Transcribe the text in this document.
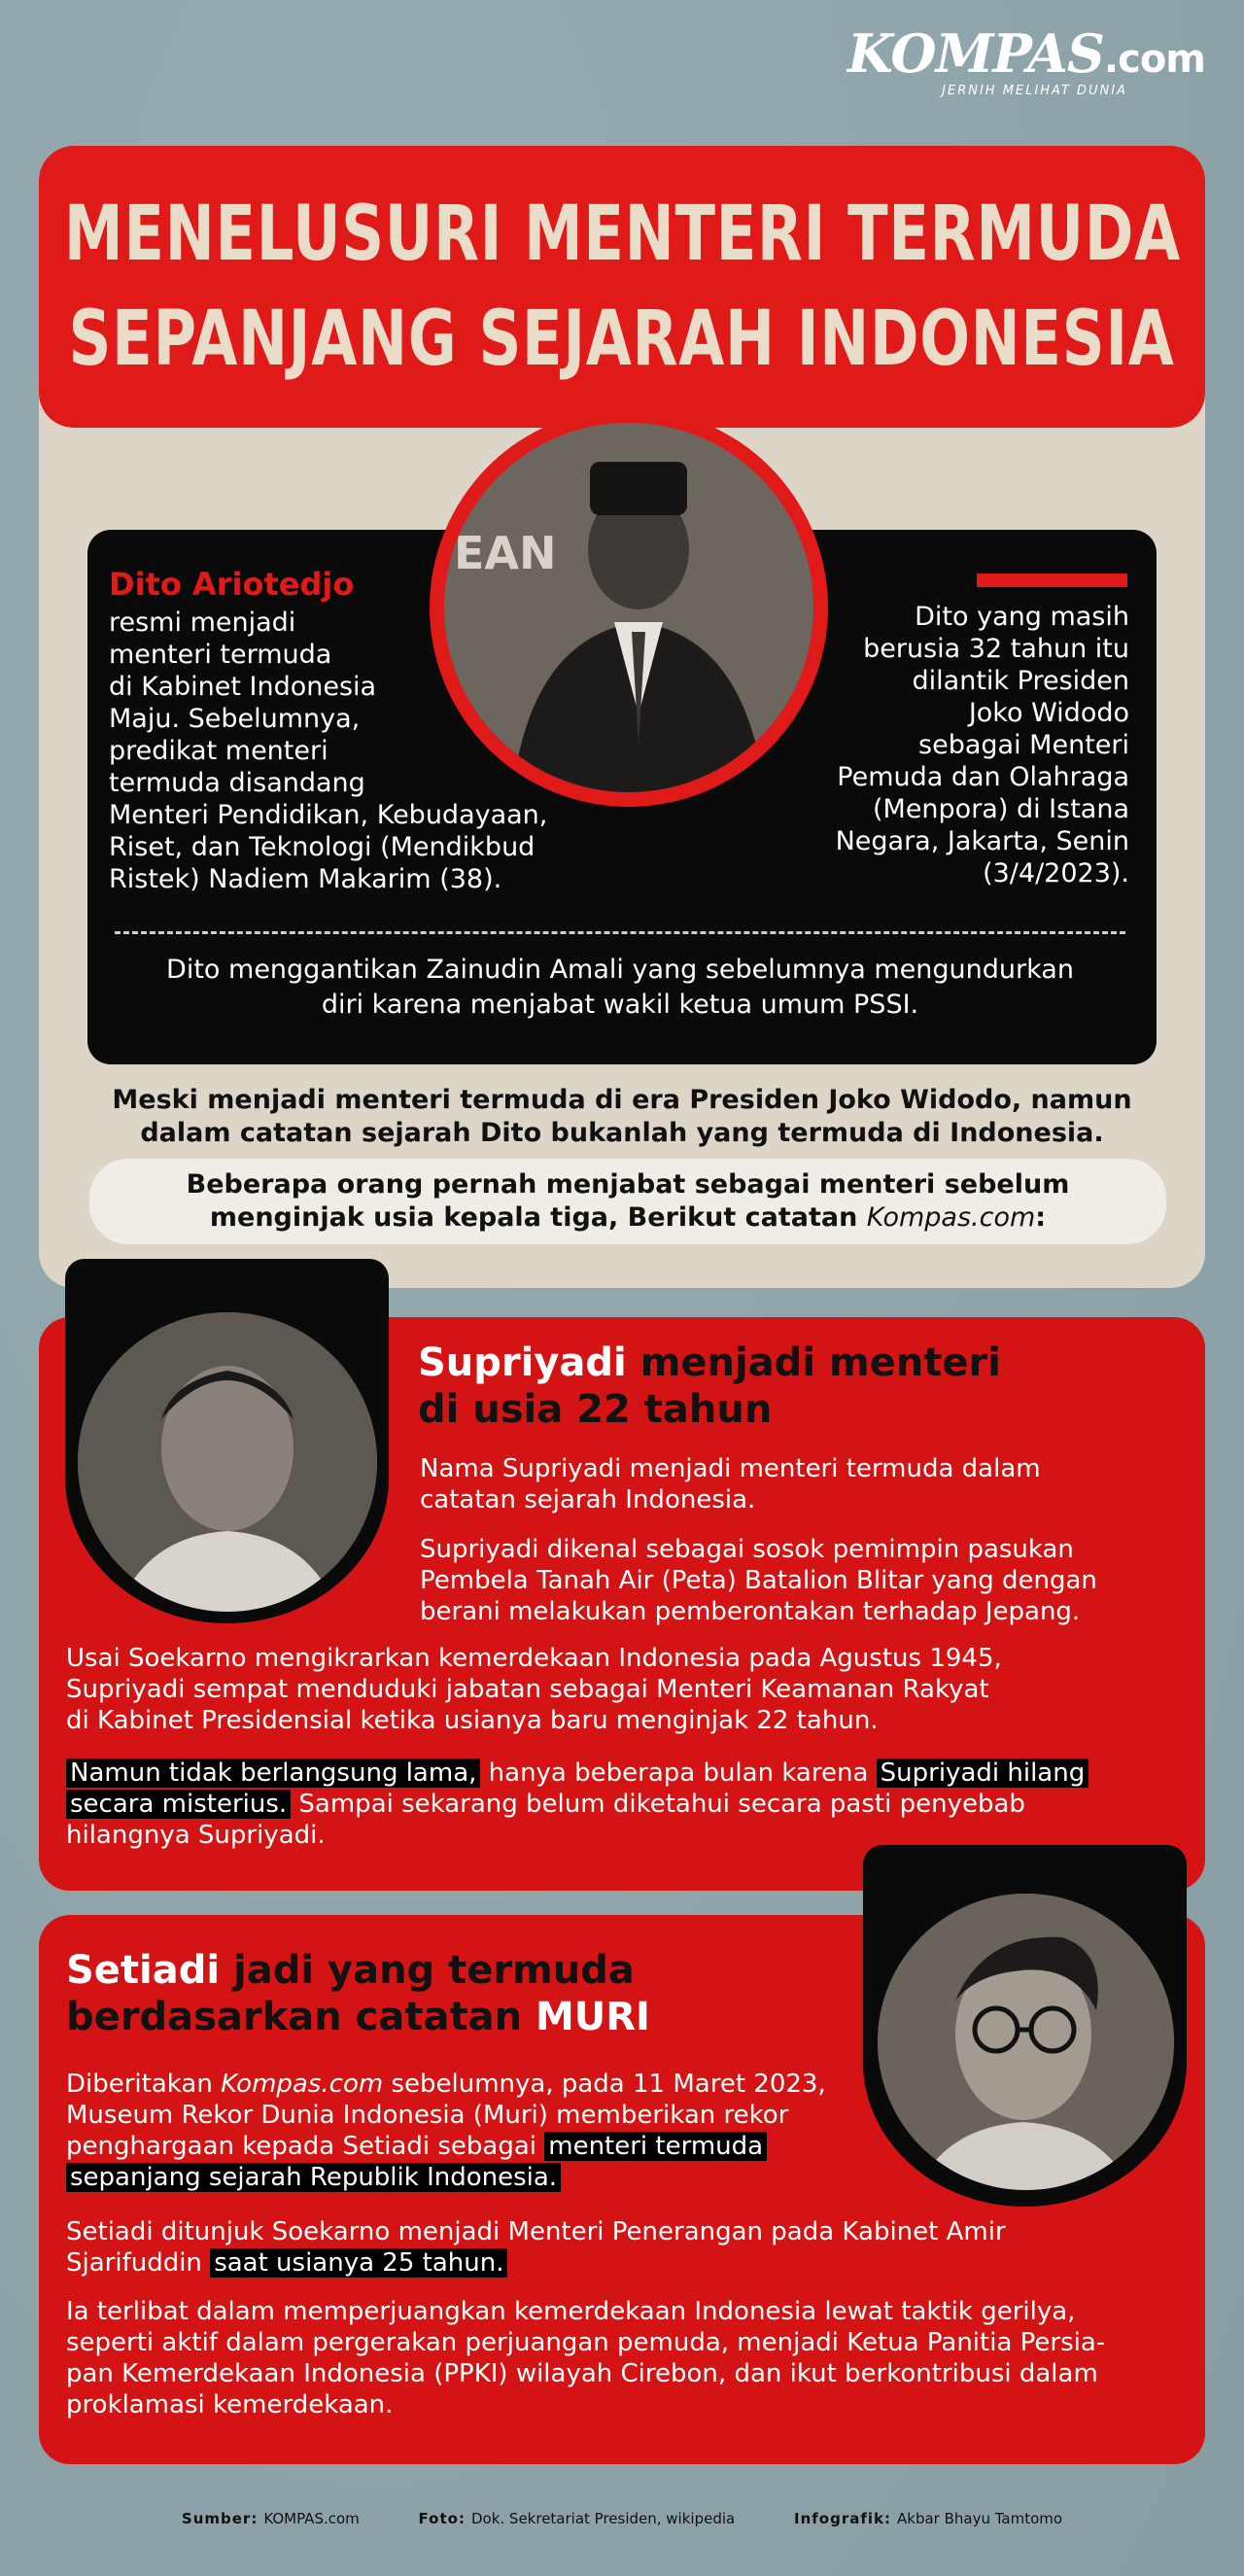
KOMPAS.com
JERNIH MELIHAT DUNIA
MENELUSURI MENTERI TERMUDA
SEPANJANG SEJARAH INDONESIA
EAN
Dito Ariotedjo
resmi menjadi
menteri termuda
di Kabinet Indonesia
Maju. Sebelumnya,
predikat menteri
termuda disandang
Menteri Pendidikan, Kebudayaan,
Riset, dan Teknologi (Mendikbud
Ristek) Nadiem Makarim (38).
Dito yang masih
berusia 32 tahun itu
dilantik Presiden
Joko Widodo
sebagai Menteri
Pemuda dan Olahraga
(Menpora) di Istana
Negara, Jakarta, Senin
(3/4/2023).
Dito menggantikan Zainudin Amali yang sebelumnya mengundurkan
diri karena menjabat wakil ketua umum PSSI.
Meski menjadi menteri termuda di era Presiden Joko Widodo, namun
dalam catatan sejarah Dito bukanlah yang termuda di Indonesia.
Beberapa orang pernah menjabat sebagai menteri sebelum
menginjak usia kepala tiga, Berikut catatan Kompas.com:
Supriyadi menjadi menteri
di usia 22 tahun
Nama Supriyadi menjadi menteri termuda dalam
catatan sejarah Indonesia.
Supriyadi dikenal sebagai sosok pemimpin pasukan
Pembela Tanah Air (Peta) Batalion Blitar yang dengan
berani melakukan pemberontakan terhadap Jepang.
Usai Soekarno mengikrarkan kemerdekaan Indonesia pada Agustus 1945,
Supriyadi sempat menduduki jabatan sebagai Menteri Keamanan Rakyat
di Kabinet Presidensial ketika usianya baru menginjak 22 tahun.
Namun tidak berlangsung lama, hanya beberapa bulan karena Supriyadi hilang
secara misterius. Sampai sekarang belum diketahui secara pasti penyebab
hilangnya Supriyadi.
Setiadi jadi yang termuda
berdasarkan catatan MURI
Diberitakan Kompas.com sebelumnya, pada 11 Maret 2023,
Museum Rekor Dunia Indonesia (Muri) memberikan rekor
penghargaan kepada Setiadi sebagai menteri termuda
sepanjang sejarah Republik Indonesia.
Setiadi ditunjuk Soekarno menjadi Menteri Penerangan pada Kabinet Amir
Sjarifuddin saat usianya 25 tahun.
Ia terlibat dalam memperjuangkan kemerdekaan Indonesia lewat taktik gerilya,
seperti aktif dalam pergerakan perjuangan pemuda, menjadi Ketua Panitia Persia-
pan Kemerdekaan Indonesia (PPKI) wilayah Cirebon, dan ikut berkontribusi dalam
proklamasi kemerdekaan.
Sumber: KOMPAS.com	Foto: Dok. Sekretariat Presiden, wikipedia	Infografik: Akbar Bhayu Tamtomo
